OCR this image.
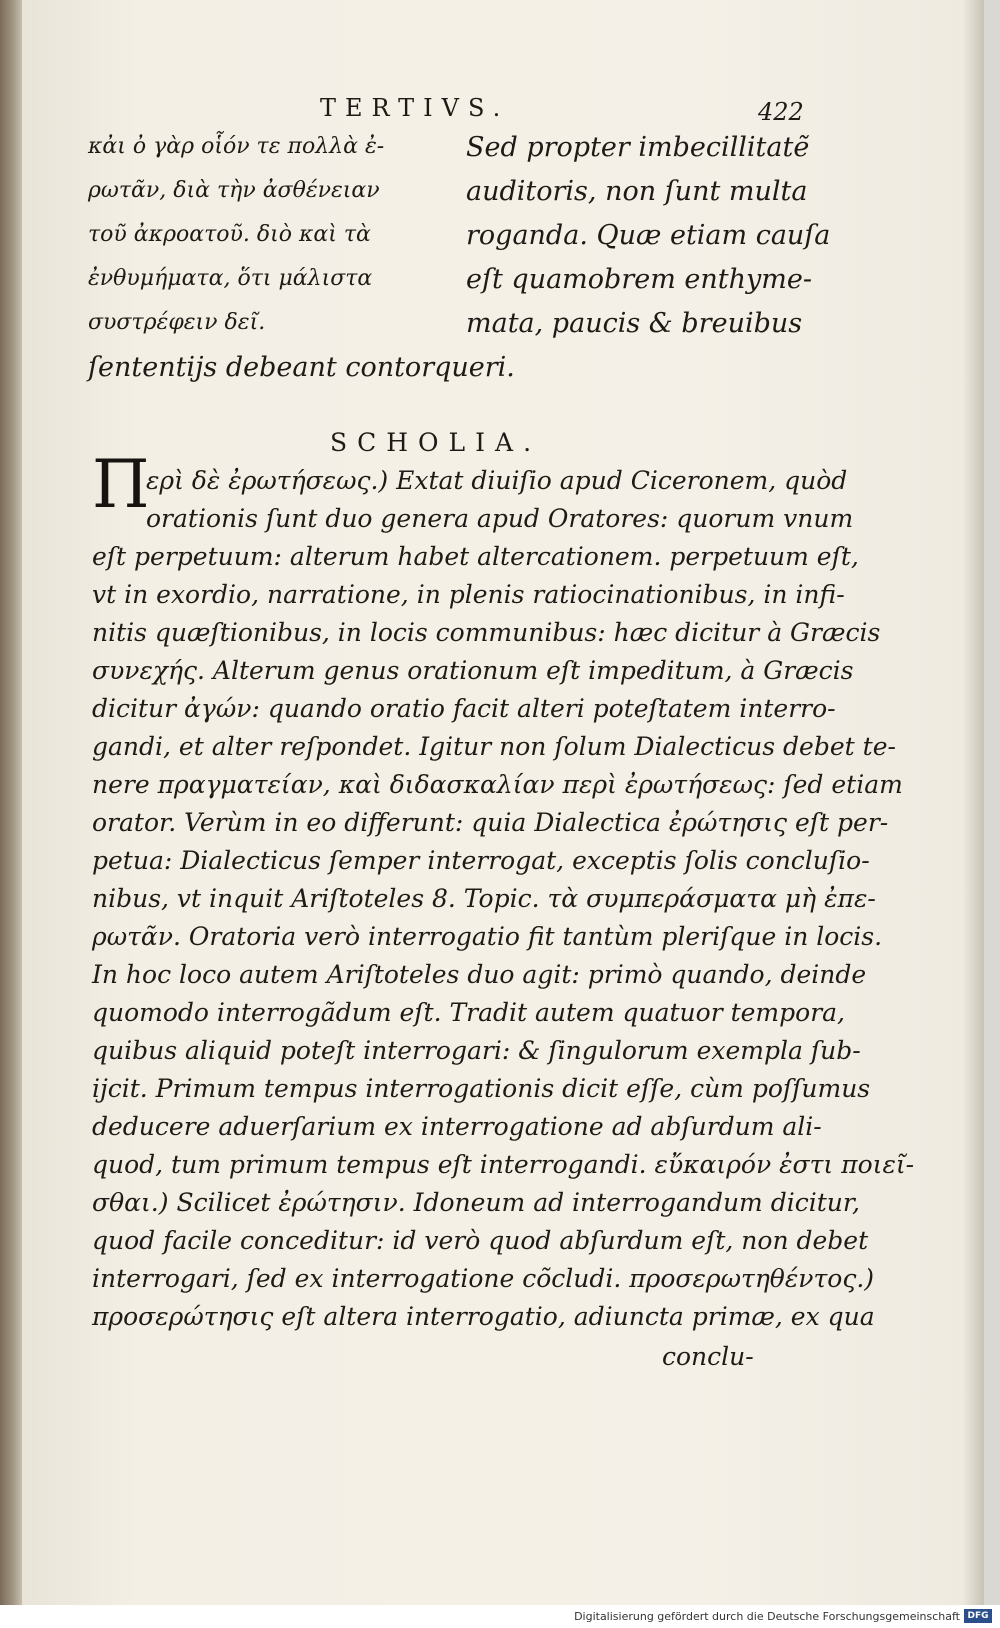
TERTIVS.	422
κἀι ὀ γὰρ οἷόν τε πολλὰ ἐ-
ρωτᾶν, διὰ τὴν ἀσθένειαν
τοῦ ἀκροατοῦ. διὸ καὶ τὰ
ἐνθυμήματα, ὅτι μάλιστα
συστρέφειν δεῖ.
Sed propter imbecillitatẽ
auditoris, non ſunt multa
roganda. Quæ etiam cauſa
eſt quamobrem enthyme-
mata, paucis & breuibus
ſententijs debeant contorqueri.
SCHOLIA.
Π
ερὶ δὲ ἐρωτήσεως.) Extat diuiſio apud Ciceronem, quòd
orationis ſunt duo genera apud Oratores: quorum vnum
eſt perpetuum: alterum habet altercationem. perpetuum eſt,
vt in exordio, narratione, in plenis ratiocinationibus, in infi-
nitis quæſtionibus, in locis communibus: hæc dicitur à Græcis
συνεχής. Alterum genus orationum eſt impeditum, à Græcis
dicitur ἀγών: quando oratio facit alteri poteſtatem interro-
gandi, et alter reſpondet. Igitur non ſolum Dialecticus debet te-
nere πραγματείαν, καὶ διδασκαλίαν περὶ ἐρωτήσεως: ſed etiam
orator. Verùm in eo differunt: quia Dialectica ἐρώτησις eſt per-
petua: Dialecticus ſemper interrogat, exceptis ſolis concluſio-
nibus, vt inquit Ariſtoteles 8. Topic. τὰ συμπεράσματα μὴ ἐπε-
ρωτᾶν. Oratoria verò interrogatio fit tantùm pleriſque in locis.
In hoc loco autem Ariſtoteles duo agit: primò quando, deinde
quomodo interrogãdum eſt. Tradit autem quatuor tempora,
quibus aliquid poteſt interrogari: & ſingulorum exempla ſub-
ijcit. Primum tempus interrogationis dicit eſſe, cùm poſſumus
deducere aduerſarium ex interrogatione ad abſurdum ali-
quod, tum primum tempus eſt interrogandi. εὔκαιρόν ἐστι ποιεῖ-
σθαι.) Scilicet ἐρώτησιν. Idoneum ad interrogandum dicitur,
quod facile conceditur: id verò quod abſurdum eſt, non debet
interrogari, ſed ex interrogatione cõcludi. προσερωτηθέντος.)
προσερώτησις eſt altera interrogatio, adiuncta primæ, ex qua
conclu-
Digitalisierung gefördert durch die Deutsche Forschungsgemeinschaft DFG
